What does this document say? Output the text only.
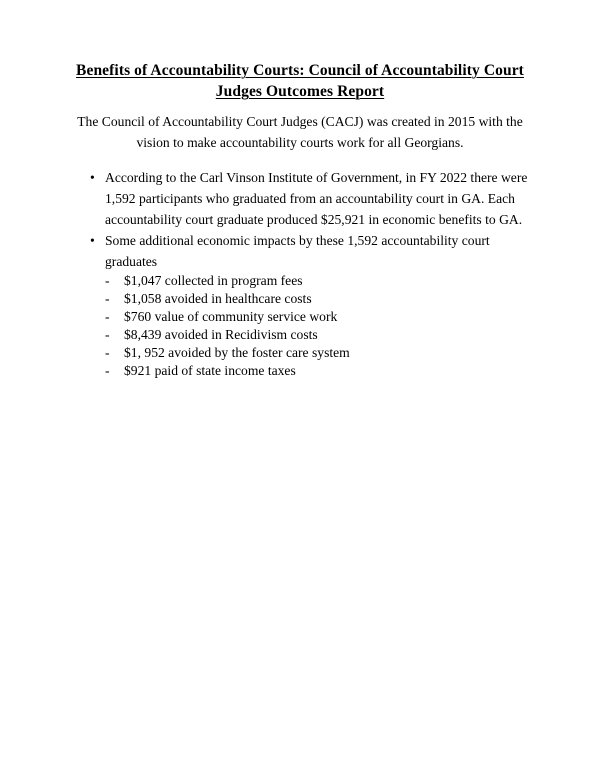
Benefits of Accountability Courts: Council of Accountability Court
Judges Outcomes Report

The Council of Accountability Court Judges (CACJ) was created in 2015 with the vision to make accountability courts work for all Georgians.

• According to the Carl Vinson Institute of Government, in FY 2022 there were 1,592 participants who graduated from an accountability court in GA. Each accountability court graduate produced $25,921 in economic benefits to GA.
• Some additional economic impacts by these 1,592 accountability court graduates
- $1,047 collected in program fees
- $1,058 avoided in healthcare costs
- $760 value of community service work
- $8,439 avoided in Recidivism costs
- $1, 952 avoided by the foster care system
- $921 paid of state income taxes
